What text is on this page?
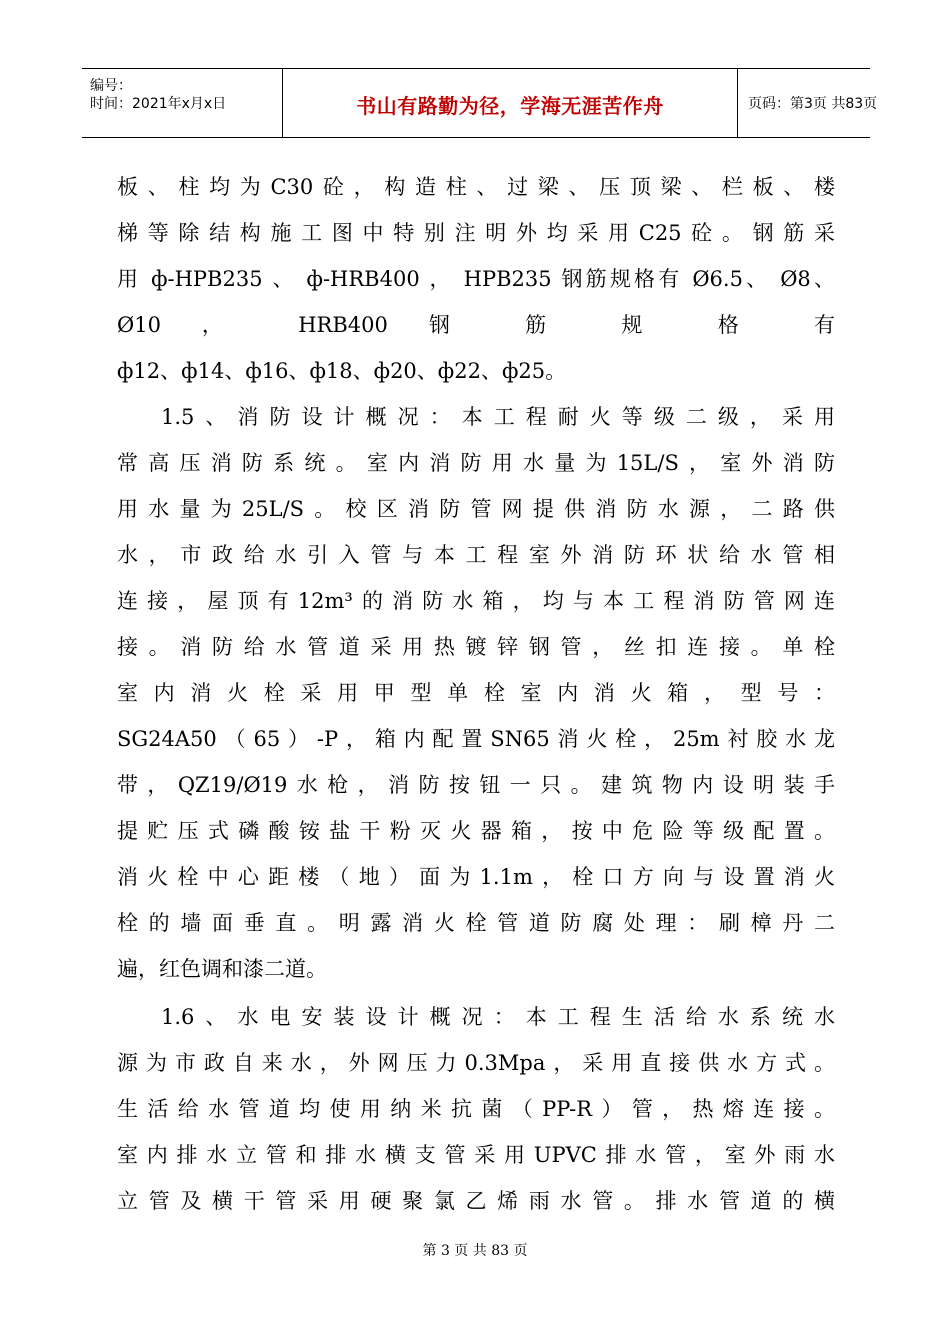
编号：
时间：2021年x月x日	书山有路勤为径，学海无涯苦作舟	页码：第3页 共83页
板、柱均为C30砼，构造柱、过梁、压顶梁、栏板、楼
梯等除结构施工图中特别注明外均采用C25砼。钢筋采
用 ф-HPB235 、 ф-HRB400 ， HPB235 钢筋规格有 Ø6.5、 Ø8、
Ø10 ， HRB400 钢 筋 规 格 有
ф12、ф14、ф16、ф18、ф20、ф22、ф25。
1.5、消防设计概况：本工程耐火等级二级，采用
常高压消防系统。室内消防用水量为15L/S，室外消防
用水量为25L/S。校区消防管网提供消防水源，二路供
水，市政给水引入管与本工程室外消防环状给水管相
连接，屋顶有12m³的消防水箱，均与本工程消防管网连
接。消防给水管道采用热镀锌钢管，丝扣连接。单栓
室内消火栓采用甲型单栓室内消火箱，型号：
SG24A50（65）-P，箱内配置SN65消火栓，25m衬胶水龙
带，QZ19/Ø19水枪，消防按钮一只。建筑物内设明装手
提贮压式磷酸铵盐干粉灭火器箱，按中危险等级配置。
消火栓中心距楼（地）面为1.1m，栓口方向与设置消火
栓的墙面垂直。明露消火栓管道防腐处理：刷樟丹二
遍，红色调和漆二道。
1.6、水电安装设计概况：本工程生活给水系统水
源为市政自来水，外网压力0.3Mpa，采用直接供水方式。
生活给水管道均使用纳米抗菌（PP-R）管，热熔连接。
室内排水立管和排水横支管采用UPVC排水管，室外雨水
立管及横干管采用硬聚氯乙烯雨水管。排水管道的横
第 3 页 共 83 页
